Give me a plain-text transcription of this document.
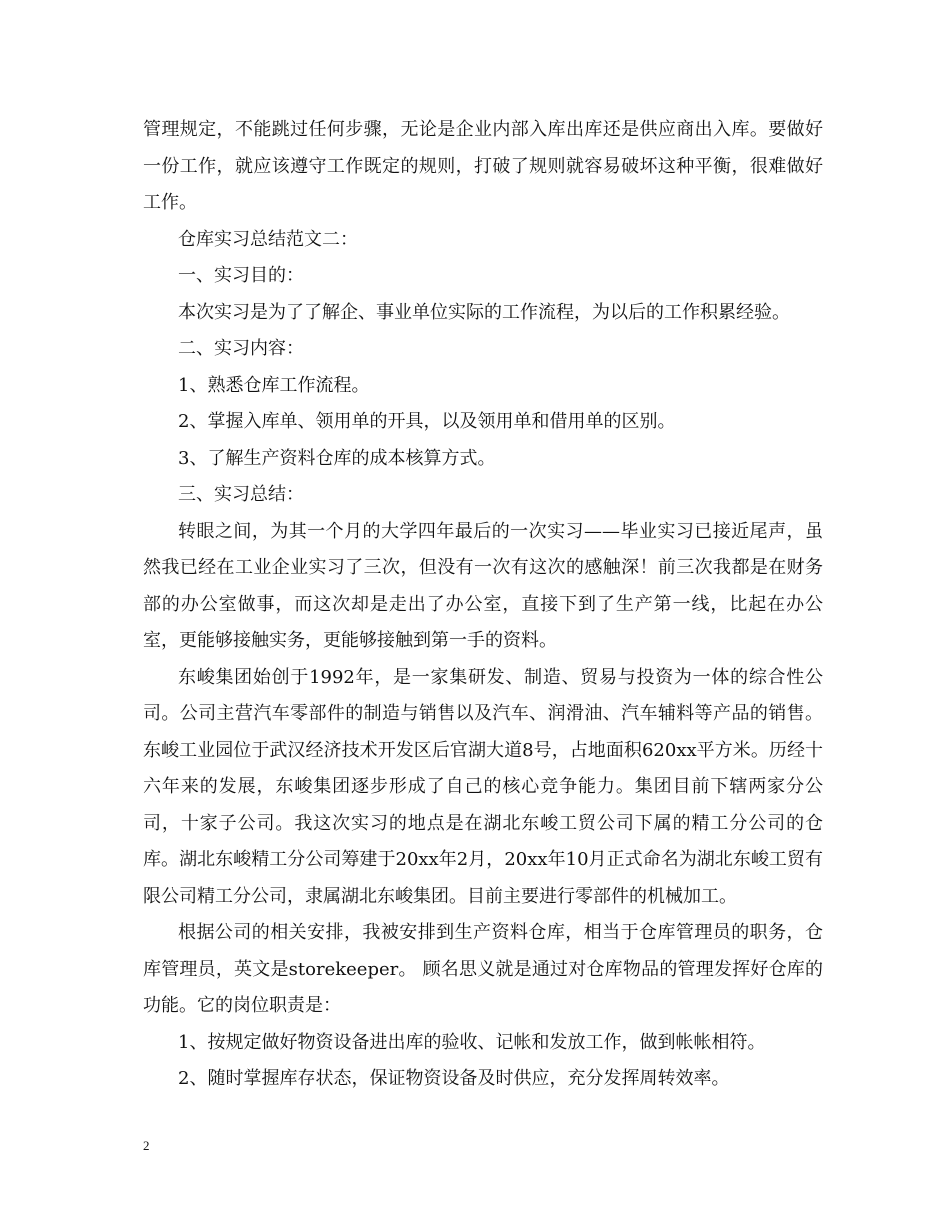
管理规定，不能跳过任何步骤，无论是企业内部入库出库还是供应商出入库。要做好一份工作，就应该遵守工作既定的规则，打破了规则就容易破坏这种平衡，很难做好工作。

仓库实习总结范文二：

一、实习目的：

本次实习是为了了解企、事业单位实际的工作流程，为以后的工作积累经验。

二、实习内容：

1、熟悉仓库工作流程。

2、掌握入库单、领用单的开具，以及领用单和借用单的区别。

3、了解生产资料仓库的成本核算方式。

三、实习总结：

转眼之间，为其一个月的大学四年最后的一次实习——毕业实习已接近尾声，虽然我已经在工业企业实习了三次，但没有一次有这次的感触深！前三次我都是在财务部的办公室做事，而这次却是走出了办公室，直接下到了生产第一线，比起在办公室，更能够接触实务，更能够接触到第一手的资料。

东峻集团始创于1992年，是一家集研发、制造、贸易与投资为一体的综合性公司。公司主营汽车零部件的制造与销售以及汽车、润滑油、汽车辅料等产品的销售。东峻工业园位于武汉经济技术开发区后官湖大道8号，占地面积620xx平方米。历经十六年来的发展，东峻集团逐步形成了自己的核心竞争能力。集团目前下辖两家分公司，十家子公司。我这次实习的地点是在湖北东峻工贸公司下属的精工分公司的仓库。湖北东峻精工分公司筹建于20xx年2月，20xx年10月正式命名为湖北东峻工贸有限公司精工分公司，隶属湖北东峻集团。目前主要进行零部件的机械加工。

根据公司的相关安排，我被安排到生产资料仓库，相当于仓库管理员的职务，仓库管理员，英文是storekeeper。 顾名思义就是通过对仓库物品的管理发挥好仓库的功能。它的岗位职责是：

1、按规定做好物资设备进出库的验收、记帐和发放工作，做到帐帐相符。

2、随时掌握库存状态，保证物资设备及时供应，充分发挥周转效率。

2
